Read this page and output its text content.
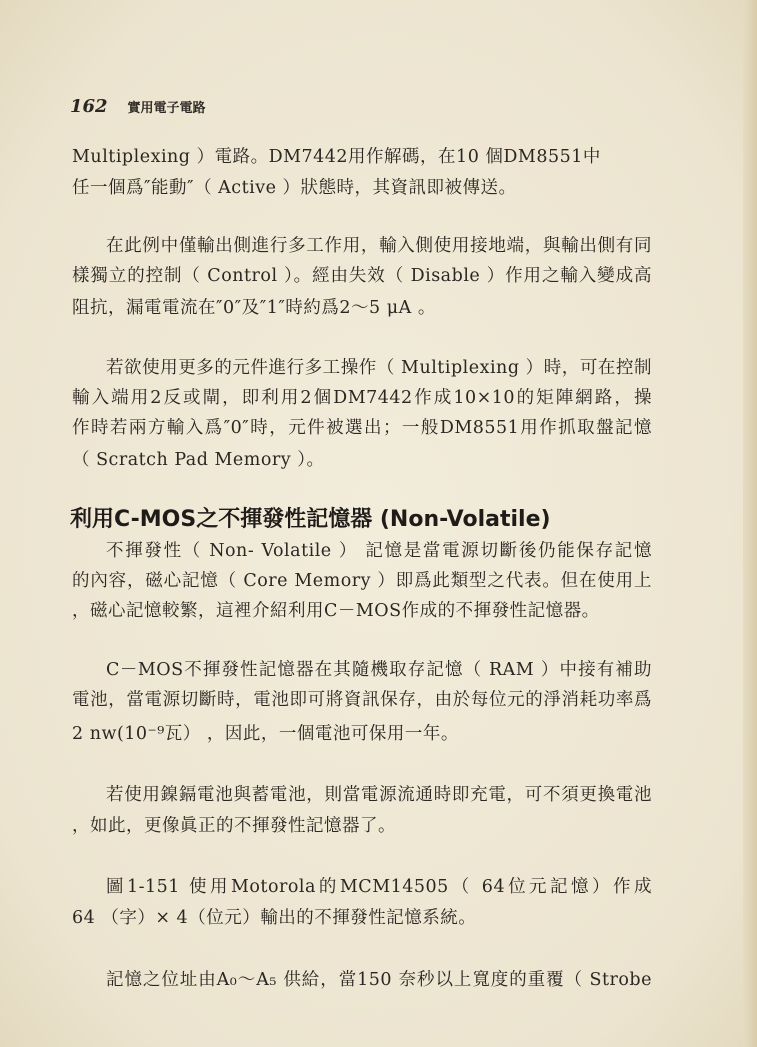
162 實用電子電路
Multiplexing ）電路。DM7442用作解碼，在10 個DM8551中
任一個爲″能動″（ Active ）狀態時，其資訊即被傳送。
在此例中僅輸出側進行多工作用，輸入側使用接地端，與輸出側有同
樣獨立的控制（ Control ）。經由失效（ Disable ）作用之輸入變成高
阻抗，漏電電流在″0″及″1″時約爲2～5 μA 。
若欲使用更多的元件進行多工操作（ Multiplexing ）時，可在控制
輸入端用2反或閘，即利用2個DM7442作成10×10的矩陣網路，操
作時若兩方輸入爲″0″時，元件被選出；一般DM8551用作抓取盤記憶
（ Scratch Pad Memory ）。
利用C-MOS之不揮發性記憶器 (Non-Volatile)
不揮發性（ Non- Volatile ） 記憶是當電源切斷後仍能保存記憶
的內容，磁心記憶（ Core Memory ）即爲此類型之代表。但在使用上
，磁心記憶較繁，這裡介紹利用C－MOS作成的不揮發性記憶器。
C－MOS不揮發性記憶器在其隨機取存記憶（ RAM ）中接有補助
電池，當電源切斷時，電池即可將資訊保存，由於每位元的淨消耗功率爲
2 nw(10⁻⁹瓦） ，因此，一個電池可保用一年。
若使用鎳鎘電池與蓄電池，則當電源流通時即充電，可不須更換電池
，如此，更像眞正的不揮發性記憶器了。
圖1-151 使用Motorola的MCM14505（ 64位元記憶）作成
64 （字）× 4（位元）輸出的不揮發性記憶系統。
記憶之位址由A₀～A₅ 供給，當150 奈秒以上寬度的重覆（ Strobe
